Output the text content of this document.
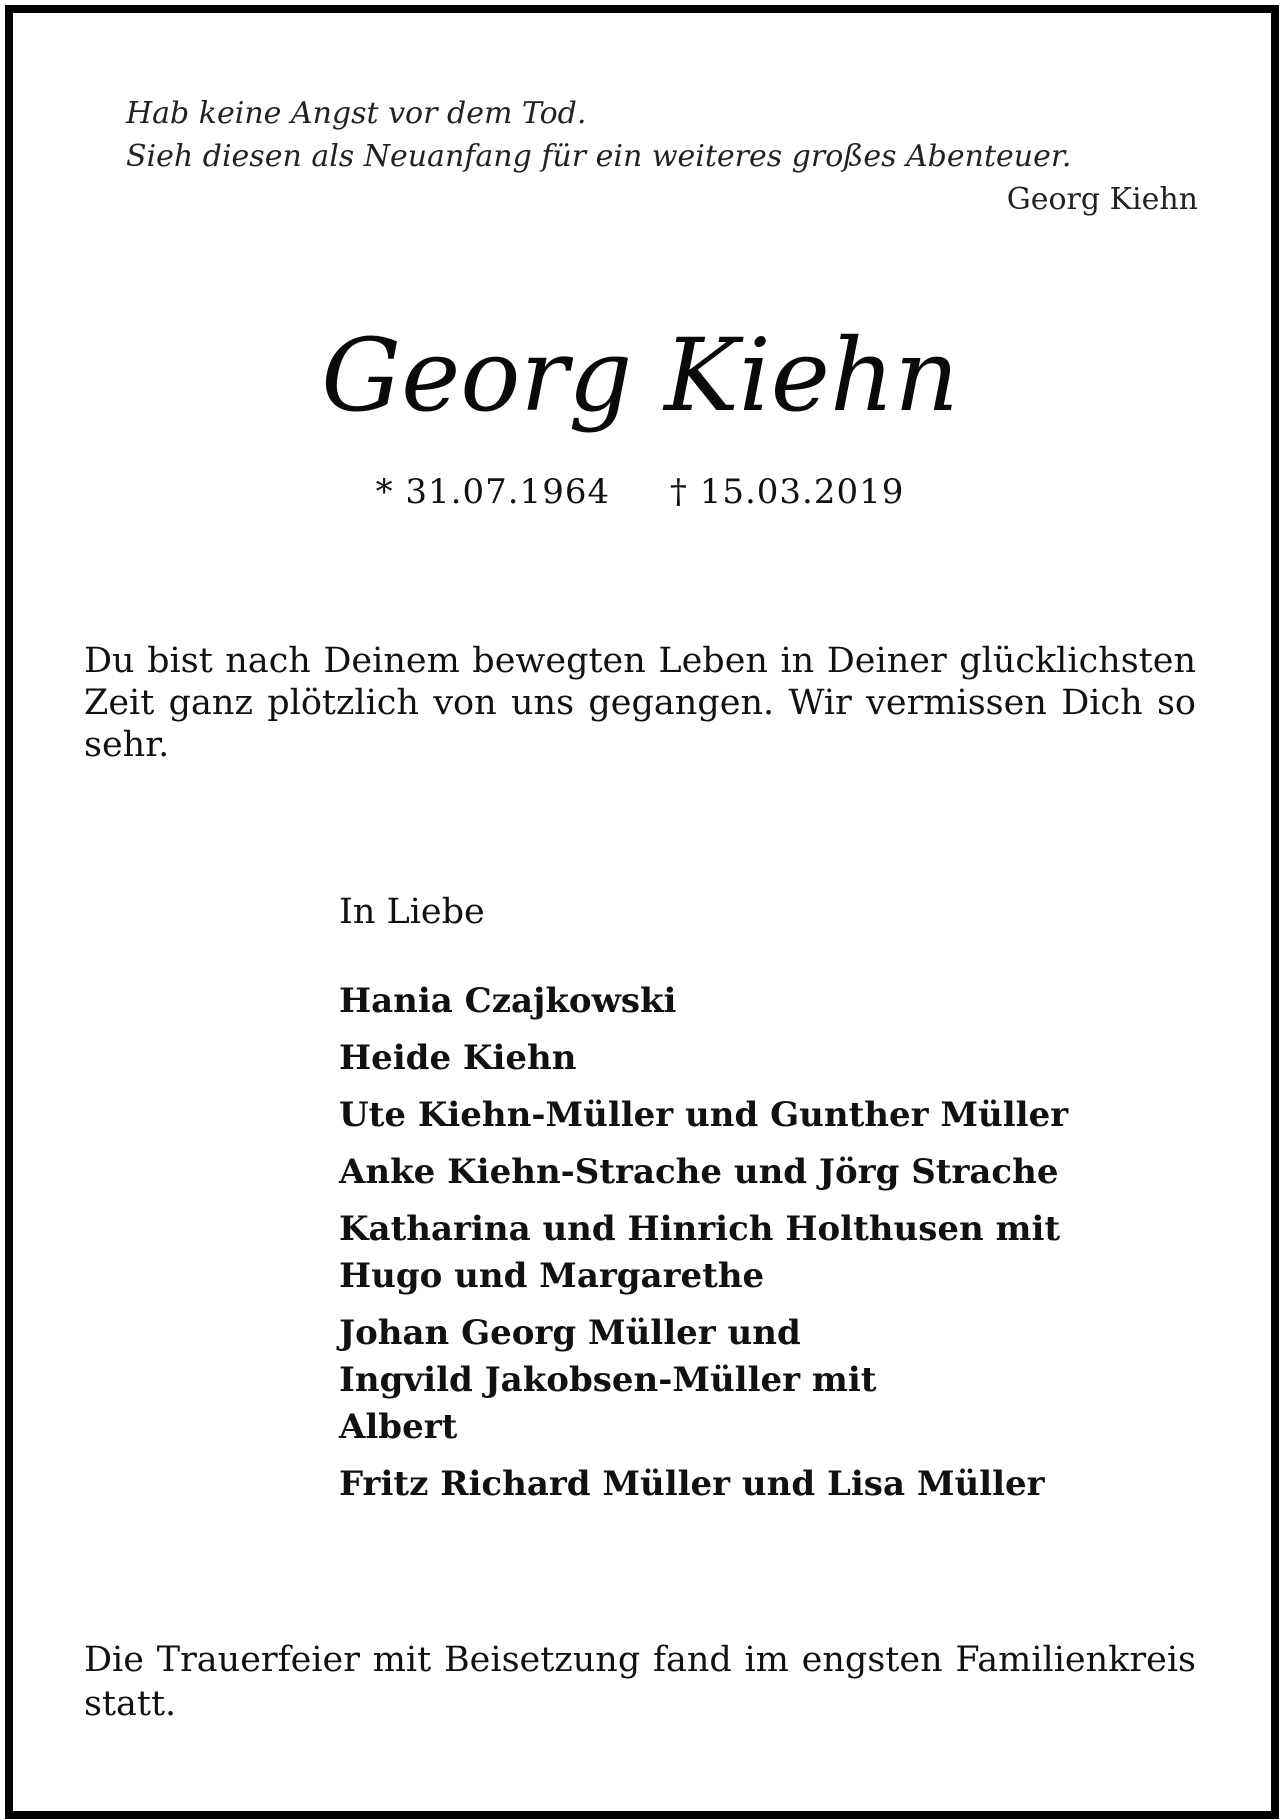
Hab keine Angst vor dem Tod.
Sieh diesen als Neuanfang für ein weiteres großes Abenteuer.
Georg Kiehn
Georg Kiehn
* 31.07.1964 † 15.03.2019
Du bist nach Deinem bewegten Leben in Deiner glücklichsten Zeit ganz plötzlich von uns gegangen. Wir vermissen Dich so sehr.
In Liebe
Hania Czajkowski
Heide Kiehn
Ute Kiehn-Müller und Gunther Müller
Anke Kiehn-Strache und Jörg Strache
Katharina und Hinrich Holthusen mit
Hugo und Margarethe
Johan Georg Müller und
Ingvild Jakobsen-Müller mit
Albert
Fritz Richard Müller und Lisa Müller
Die Trauerfeier mit Beisetzung fand im engsten Familienkreis statt.
